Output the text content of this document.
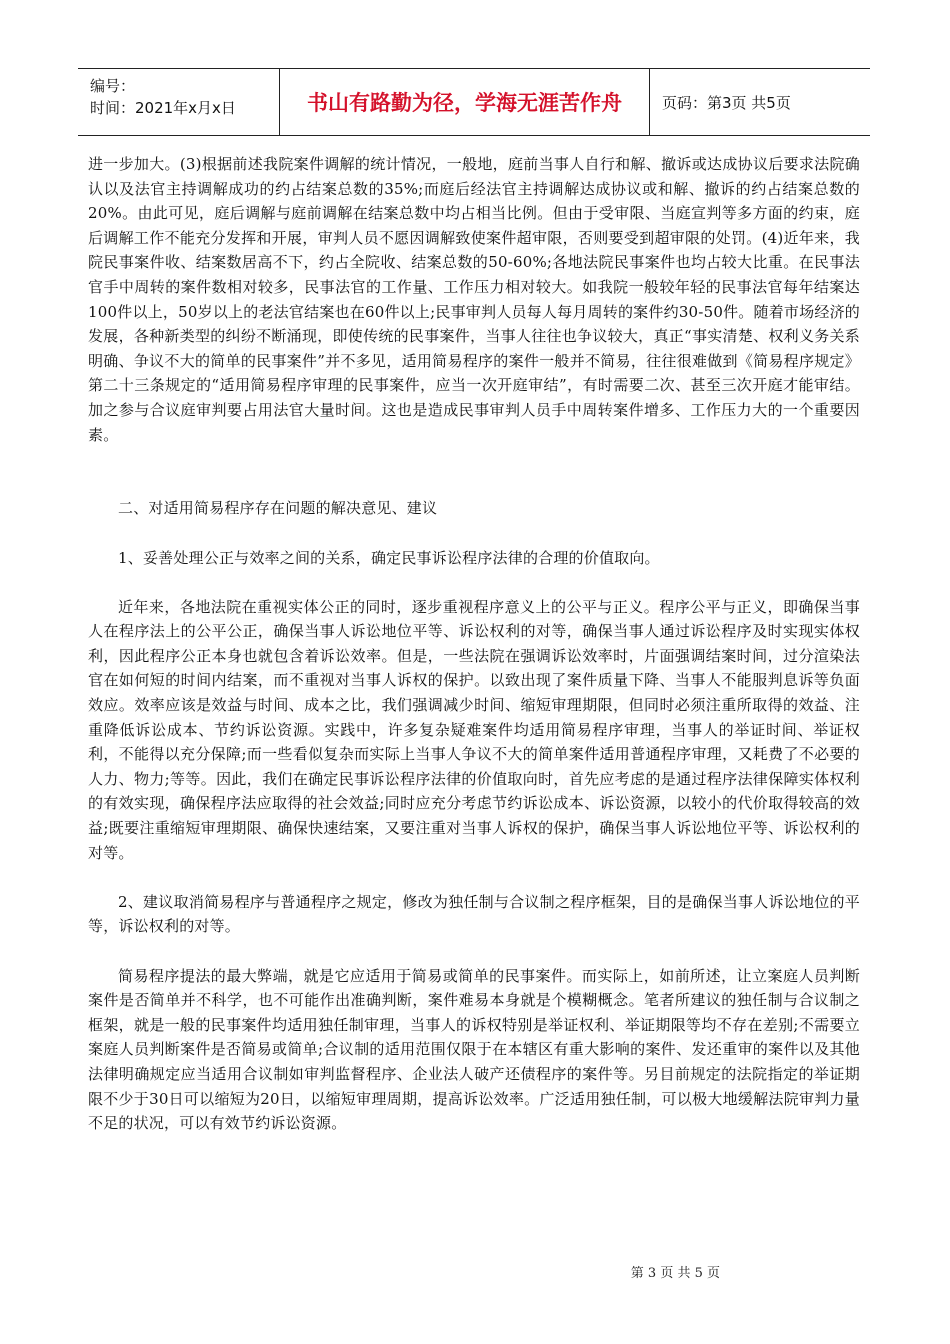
编号：
时间：2021年x月x日	书山有路勤为径，学海无涯苦作舟	页码：第3页 共5页

进一步加大。(3)根据前述我院案件调解的统计情况，一般地，庭前当事人自行和解、撤诉或达成协议后要求法院确认以及法官主持调解成功的约占结案总数的35%;而庭后经法官主持调解达成协议或和解、撤诉的约占结案总数的20%。由此可见，庭后调解与庭前调解在结案总数中均占相当比例。但由于受审限、当庭宣判等多方面的约束，庭后调解工作不能充分发挥和开展，审判人员不愿因调解致使案件超审限，否则要受到超审限的处罚。(4)近年来，我院民事案件收、结案数居高不下，约占全院收、结案总数的50-60%;各地法院民事案件也均占较大比重。在民事法官手中周转的案件数相对较多，民事法官的工作量、工作压力相对较大。如我院一般较年轻的民事法官每年结案达100件以上，50岁以上的老法官结案也在60件以上;民事审判人员每人每月周转的案件约30-50件。随着市场经济的发展，各种新类型的纠纷不断涌现，即使传统的民事案件，当事人往往也争议较大，真正“事实清楚、权利义务关系明确、争议不大的简单的民事案件”并不多见，适用简易程序的案件一般并不简易，往往很难做到《简易程序规定》第二十三条规定的“适用简易程序审理的民事案件，应当一次开庭审结”，有时需要二次、甚至三次开庭才能审结。加之参与合议庭审判要占用法官大量时间。这也是造成民事审判人员手中周转案件增多、工作压力大的一个重要因素。

二、对适用简易程序存在问题的解决意见、建议

1、妥善处理公正与效率之间的关系，确定民事诉讼程序法律的合理的价值取向。

近年来，各地法院在重视实体公正的同时，逐步重视程序意义上的公平与正义。程序公平与正义，即确保当事人在程序法上的公平公正，确保当事人诉讼地位平等、诉讼权利的对等，确保当事人通过诉讼程序及时实现实体权利，因此程序公正本身也就包含着诉讼效率。但是，一些法院在强调诉讼效率时，片面强调结案时间，过分渲染法官在如何短的时间内结案，而不重视对当事人诉权的保护。以致出现了案件质量下降、当事人不能服判息诉等负面效应。效率应该是效益与时间、成本之比，我们强调减少时间、缩短审理期限，但同时必须注重所取得的效益、注重降低诉讼成本、节约诉讼资源。实践中，许多复杂疑难案件均适用简易程序审理，当事人的举证时间、举证权利，不能得以充分保障;而一些看似复杂而实际上当事人争议不大的简单案件适用普通程序审理，又耗费了不必要的人力、物力;等等。因此，我们在确定民事诉讼程序法律的价值取向时，首先应考虑的是通过程序法律保障实体权利的有效实现，确保程序法应取得的社会效益;同时应充分考虑节约诉讼成本、诉讼资源，以较小的代价取得较高的效益;既要注重缩短审理期限、确保快速结案，又要注重对当事人诉权的保护，确保当事人诉讼地位平等、诉讼权利的对等。

2、建议取消简易程序与普通程序之规定，修改为独任制与合议制之程序框架，目的是确保当事人诉讼地位的平等，诉讼权利的对等。

简易程序提法的最大弊端，就是它应适用于简易或简单的民事案件。而实际上，如前所述，让立案庭人员判断案件是否简单并不科学，也不可能作出准确判断，案件难易本身就是个模糊概念。笔者所建议的独任制与合议制之框架，就是一般的民事案件均适用独任制审理，当事人的诉权特别是举证权利、举证期限等均不存在差别;不需要立案庭人员判断案件是否简易或简单;合议制的适用范围仅限于在本辖区有重大影响的案件、发还重审的案件以及其他法律明确规定应当适用合议制如审判监督程序、企业法人破产还债程序的案件等。另目前规定的法院指定的举证期限不少于30日可以缩短为20日，以缩短审理周期，提高诉讼效率。广泛适用独任制，可以极大地缓解法院审判力量不足的状况，可以有效节约诉讼资源。

第 3 页 共 5 页
